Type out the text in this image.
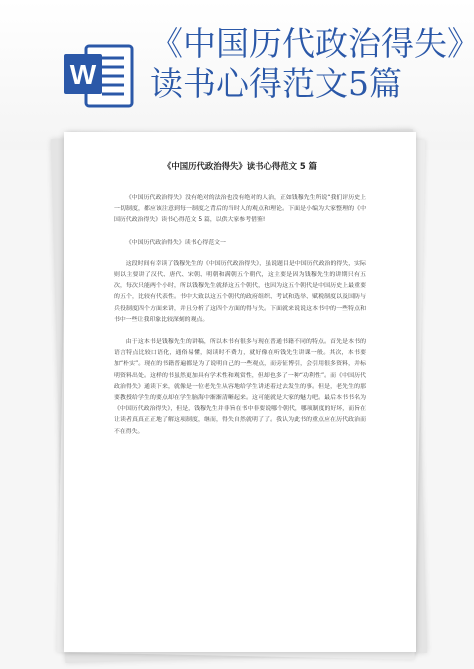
W
《中国历代政治得失》读书心得范文5篇
《中国历代政治得失》读书心得范文 5 篇

《中国历代政治得失》没有绝对的法治也没有绝对的人治，正如钱穆先生所说“我们评历史上一切制度，都应该注意到每一制度之背后的当时人的观点和理论。下面是小编为大家整理的《中国历代政治得失》读书心得范文 5 篇，以供大家参考借鉴!

《中国历代政治得失》读书心得范文一

这段时间有幸读了钱穆先生的《中国历代政治得失》，虽说题目是中国历代政治的得失，实际则以主要讲了汉代、唐代、宋朝、明朝和满朝五个朝代，这主要是因为钱穆先生的讲期只有五次，每次只能两个小时，所以钱穆先生就择这五个朝代，也因为这五个朝代是中国历史上最重要的五个，比较有代表性。书中大致以这五个朝代的政府组织、考试和选举、赋税制度以及国防与兵役制度四个方面来讲，并且分析了这四个方面的得与失。下面就来说说这本书中的一些特点和书中一些让我印象比较深刻的观点。

由于这本书是钱穆先生的讲稿，所以本书有很多与现在普通书籍不同的特点。首先是本书的语言特点比较口语化，通俗易懂，阅读时不费力，就好像在听钱先生讲课一般。其次，本书要加“朴实”。现在的书籍普遍都是为了说明自己的一些观点，而旁征博引，会引用很多资料，并标明资料出处。这样的书虽然更加具有学术性和观赏性，但却也多了一种“功利性”。而《中国历代政治得失》通读下来，就像是一位老先生从容地给学生讲述着过去发生的事。但是，老先生的那要教授给学生的要点却在学生脑海中渐渐清晰起来。这可能就是大家的魅力吧。最后本书书名为《中国历代政治得失》，但是，钱穆先生并非旨在书中非要说哪个朝代，哪项制度的好坏，而旨在让读者真真正正地了解这项制度，继而，得失自然就明了了。我认为此书的重点应在历代政治而不在得失。
